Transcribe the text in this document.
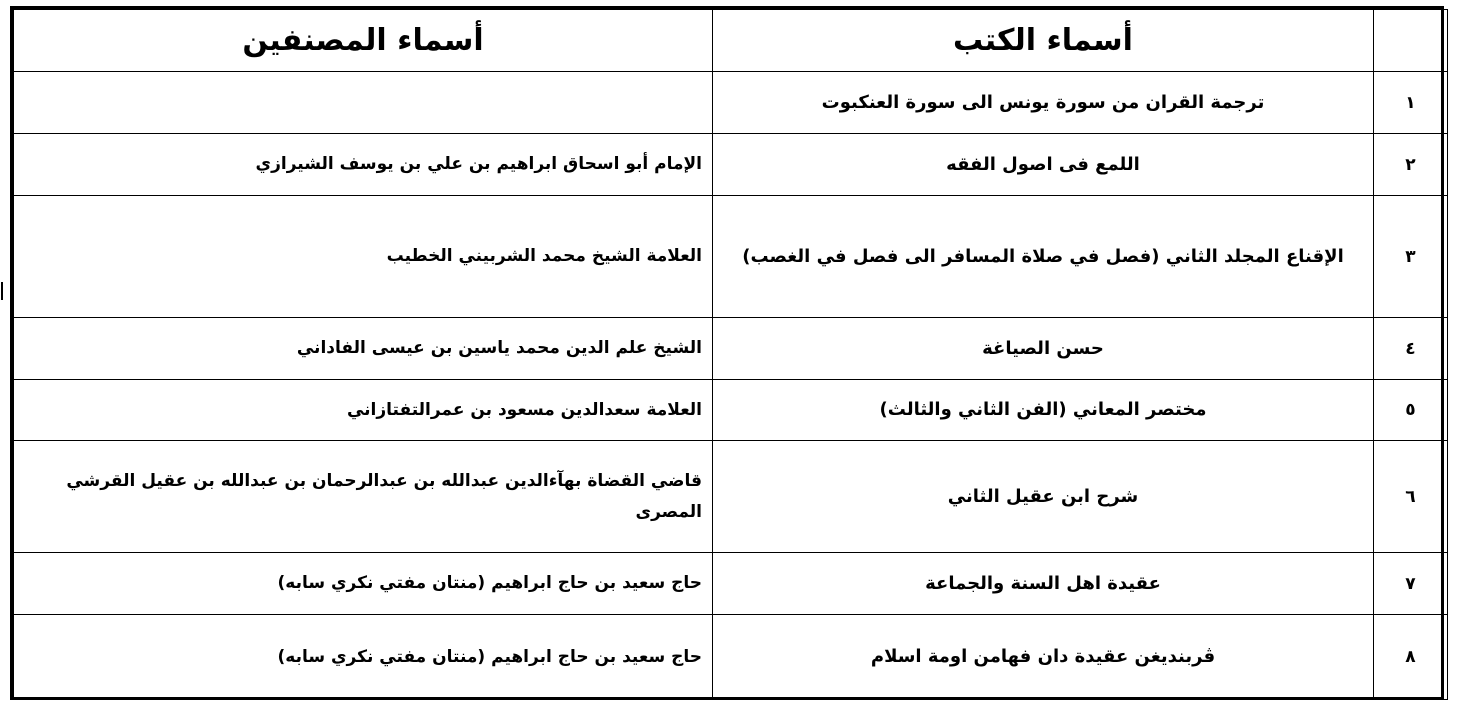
	أسماء الكتب	أسماء المصنفين
١	ترجمة القران من سورة يونس الى سورة العنكبوت	
٢	اللمع فى اصول الفقه	الإمام أبو اسحاق ابراهيم بن علي بن يوسف الشيرازي
٣	الإقناع المجلد الثاني (فصل في صلاة المسافر الى فصل في الغصب)	العلامة الشيخ محمد الشربيني الخطيب
٤	حسن الصياغة	الشيخ علم الدين محمد ياسين بن عيسى الفاداني
٥	مختصر المعاني (الفن الثاني والثالث)	العلامة سعدالدين مسعود بن عمرالتفتازاني
٦	شرح ابن عقيل الثاني	قاضي القضاة بهآءالدين عبدالله بن عبدالرحمان بن عبدالله بن عقيل القرشي المصرى
٧	عقيدة اهل السنة والجماعة	حاج سعيد بن حاج ابراهيم (منتان مفتي نكري سابه)
٨	ڤربنديغن عقيدة دان فهامن اومة اسلام	حاج سعيد بن حاج ابراهيم (منتان مفتي نكري سابه)
